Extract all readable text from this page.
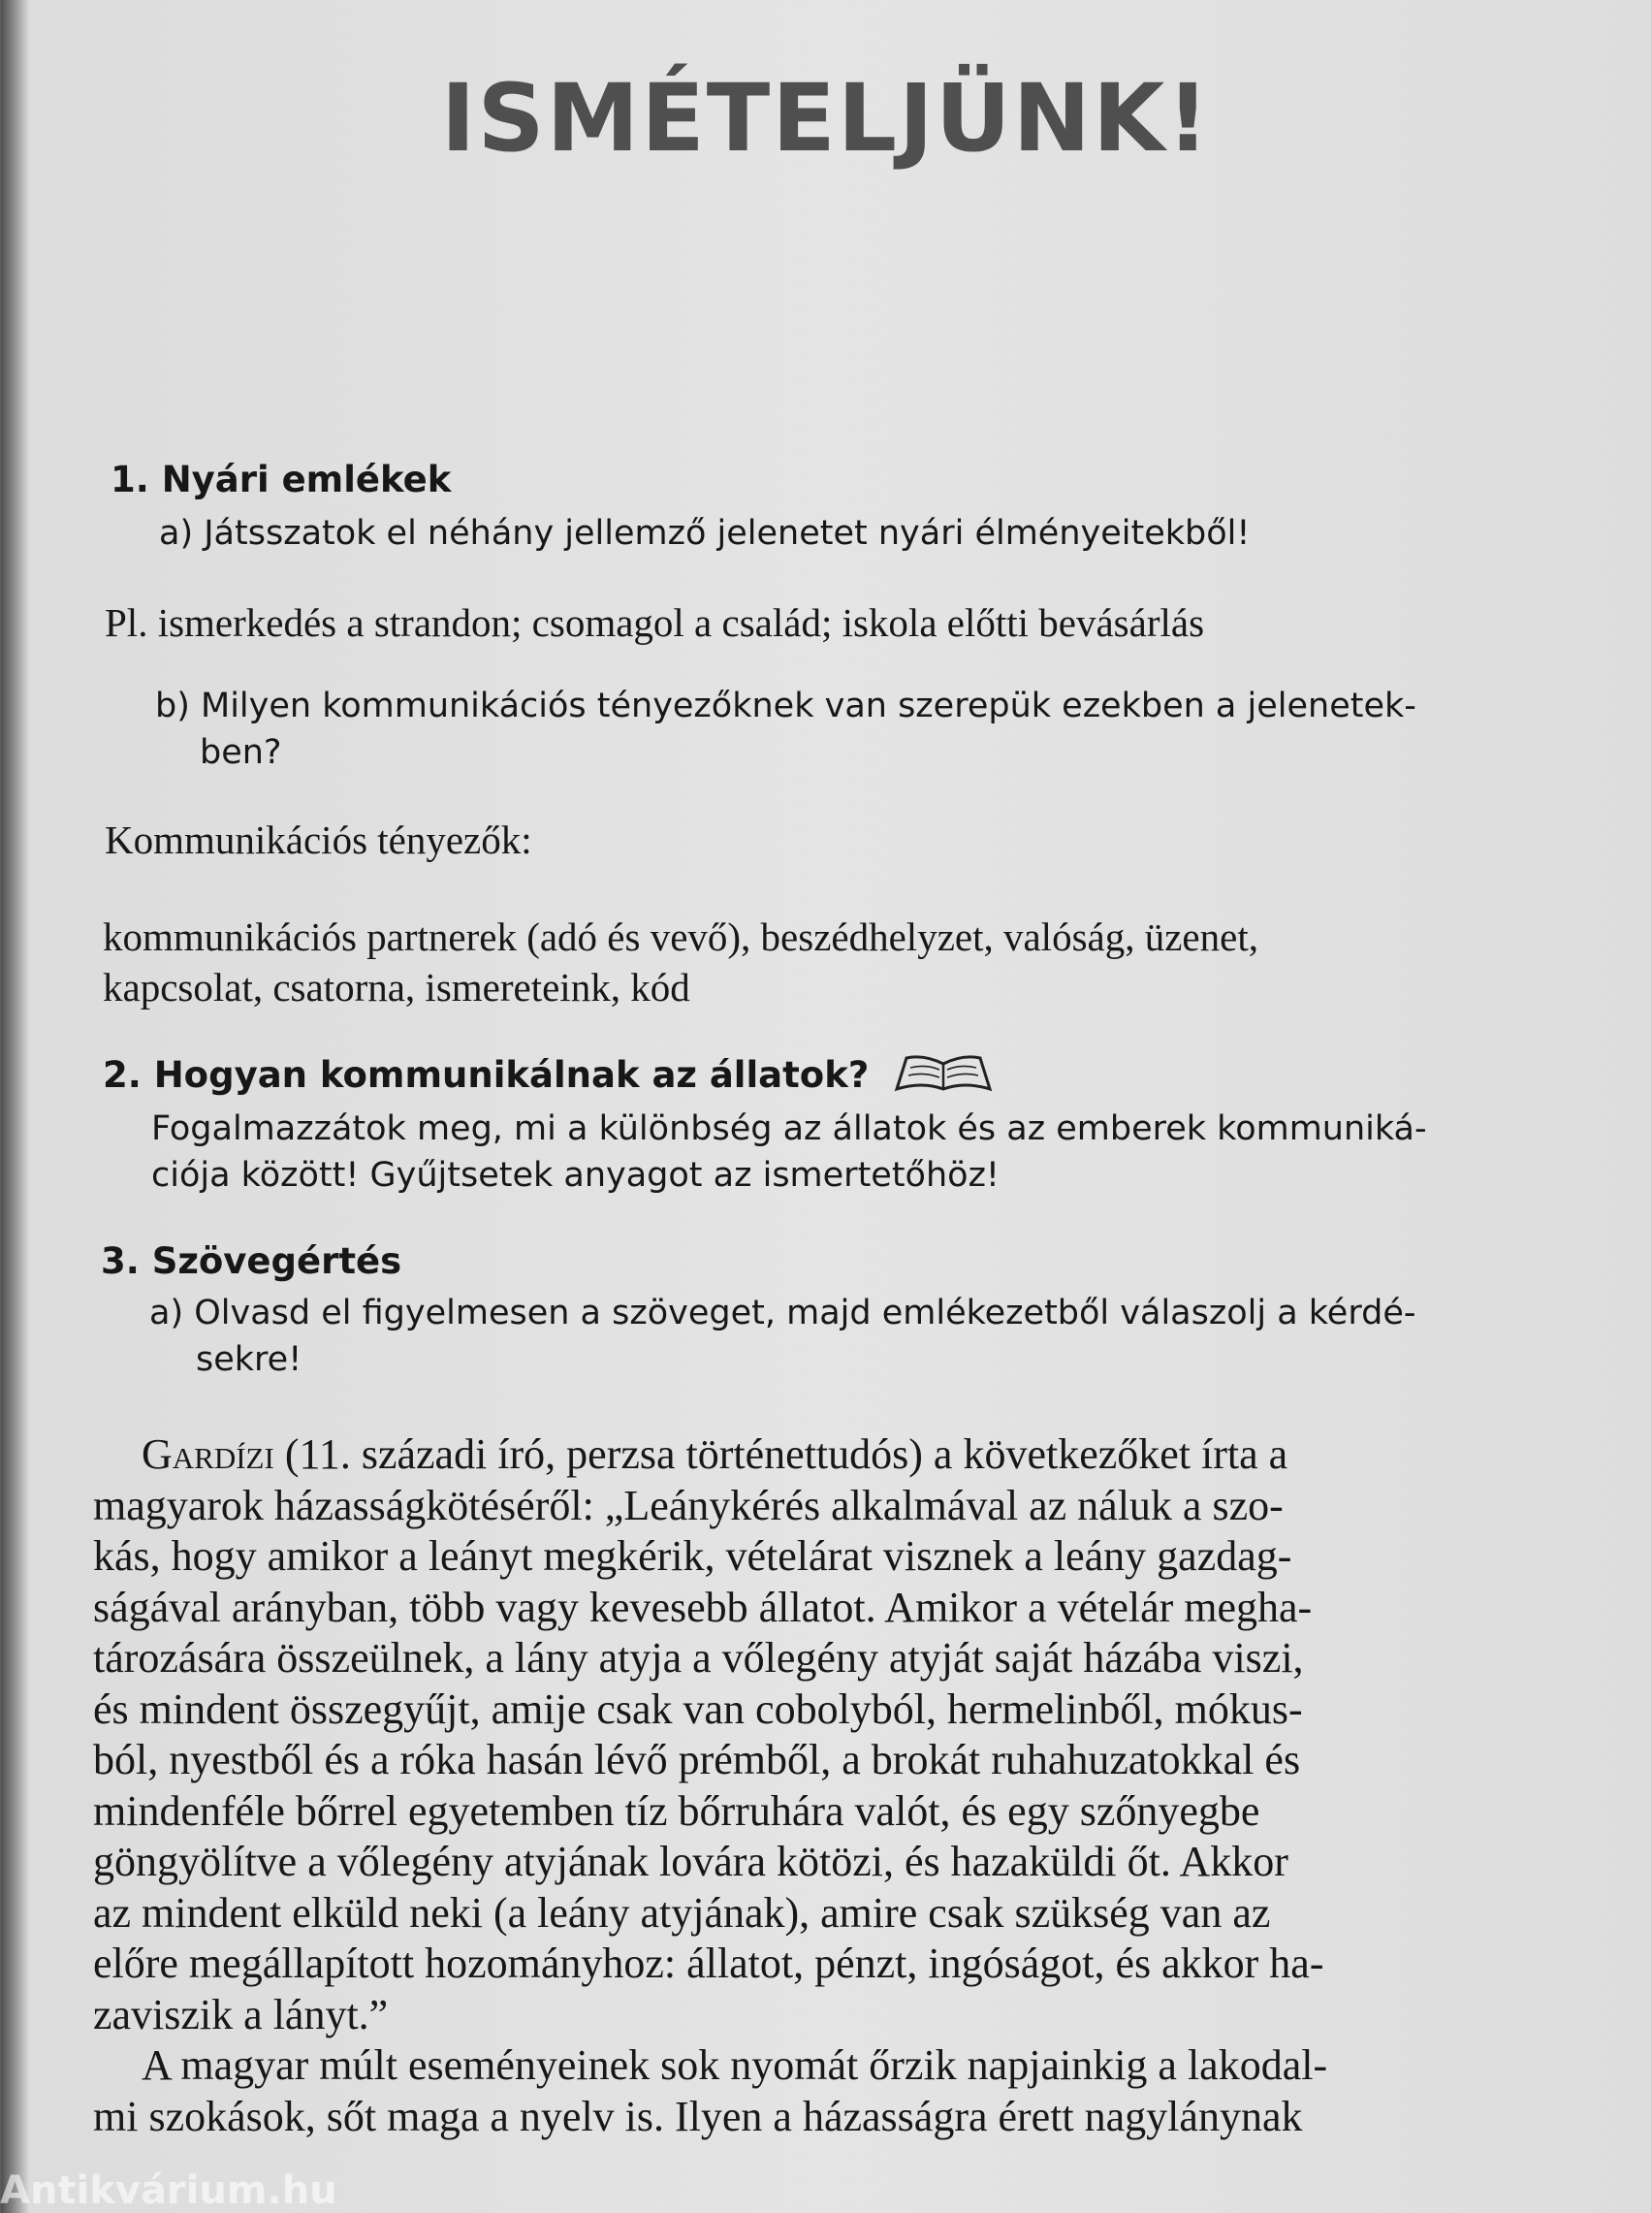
ISMÉTELJÜNK!
1. Nyári emlékek
a) Játsszatok el néhány jellemző jelenetet nyári élményeitekből!
Pl. ismerkedés a strandon; csomagol a család; iskola előtti bevásárlás
b) Milyen kommunikációs tényezőknek van szerepük ezekben a jelenetek-
ben?
Kommunikációs tényezők:
kommunikációs partnerek (adó és vevő), beszédhelyzet, valóság, üzenet,
kapcsolat, csatorna, ismereteink, kód
2. Hogyan kommunikálnak az állatok?
Fogalmazzátok meg, mi a különbség az állatok és az emberek kommuniká-
ciója között! Gyűjtsetek anyagot az ismertetőhöz!
3. Szövegértés
a) Olvasd el figyelmesen a szöveget, majd emlékezetből válaszolj a kérdé-
sekre!
Gardízi (11. századi író, perzsa történettudós) a következőket írta a
magyarok házasságkötéséről: „Leánykérés alkalmával az náluk a szo-
kás, hogy amikor a leányt megkérik, vételárat visznek a leány gazdag-
ságával arányban, több vagy kevesebb állatot. Amikor a vételár megha-
tározására összeülnek, a lány atyja a vőlegény atyját saját házába viszi,
és mindent összegyűjt, amije csak van cobolyból, hermelinből, mókus-
ból, nyestből és a róka hasán lévő prémből, a brokát ruhahuzatokkal és
mindenféle bőrrel egyetemben tíz bőrruhára valót, és egy szőnyegbe
göngyölítve a vőlegény atyjának lovára kötözi, és hazaküldi őt. Akkor
az mindent elküld neki (a leány atyjának), amire csak szükség van az
előre megállapított hozományhoz: állatot, pénzt, ingóságot, és akkor ha-
zaviszik a lányt.”
A magyar múlt eseményeinek sok nyomát őrzik napjainkig a lakodal-
mi szokások, sőt maga a nyelv is. Ilyen a házasságra érett nagylánynak
Antikvárium.hu
